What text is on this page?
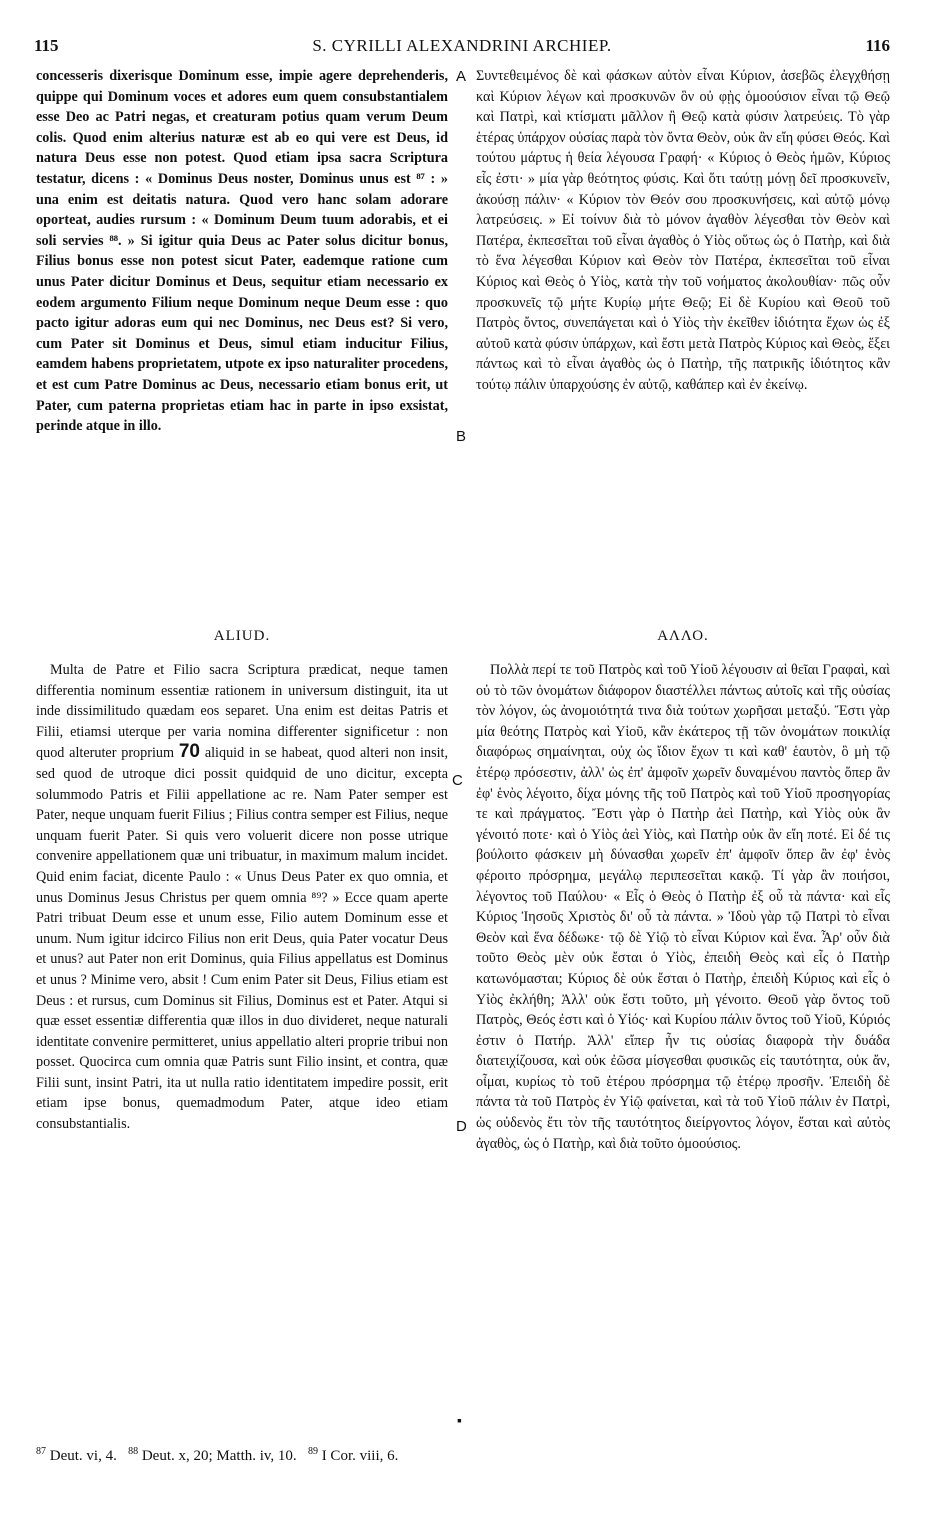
115	S. CYRILLI ALEXANDRINI ARCHIEP.	116

concesseris dixerisque Dominum esse, impie agere deprehenderis, quippe qui Dominum voces et adores eum quem consubstantialem esse Deo ac Patri negas, et creaturam potius quam verum Deum colis. Quod enim alterius naturæ est ab eo qui vere est Deus, id natura Deus esse non potest. Quod etiam ipsa sacra Scriptura testatur, dicens : « Dominus Deus noster, Dominus unus est ⁸⁷ : » una enim est deitatis natura. Quod vero hanc solam adorare oporteat, audies rursum : « Dominum Deum tuum adorabis, et ei soli servies ⁸⁸. » Si igitur quia Deus ac Pater solus dicitur bonus, Filius bonus esse non potest sicut Pater, eademque ratione cum unus Pater dicitur Dominus et Deus, sequitur etiam necessario ex eodem argumento Filium neque Dominum neque Deum esse : quo pacto igitur adoras eum qui nec Dominus, nec Deus est? Si vero, cum Pater sit Dominus et Deus, simul etiam inducitur Filius, eamdem habens proprietatem, utpote ex ipso naturaliter procedens, et est cum Patre Dominus ac Deus, necessario etiam bonus erit, ut Pater, cum paterna proprietas etiam hac in parte in ipso exsistat, perinde atque in illo.

Συντεθειμένος δὲ καὶ φάσκων αὐτὸν εἶναι Κύριον, ἀσεβῶς ἐλεγχθήσῃ καὶ Κύριον λέγων καὶ προσκυνῶν ὃν οὐ φῂς ὁμοούσιον εἶναι τῷ Θεῷ καὶ Πατρὶ, καὶ κτίσματι μᾶλλον ἢ Θεῷ κατὰ φύσιν λατρεύεις. Τὸ γὰρ ἑτέρας ὑπάρχον οὐσίας παρὰ τὸν ὄντα Θεὸν, οὐκ ἂν εἴη φύσει Θεός. Καὶ τούτου μάρτυς ἡ θεία λέγουσα Γραφή· « Κύριος ὁ Θεὸς ἡμῶν, Κύριος εἷς ἐστι· » μία γὰρ θεότητος φύσις. Καὶ ὅτι ταύτῃ μόνῃ δεῖ προσκυνεῖν, ἀκούσῃ πάλιν· « Κύριον τὸν Θεόν σου προσκυνήσεις, καὶ αὐτῷ μόνῳ λατρεύσεις. » Εἰ τοίνυν διὰ τὸ μόνον ἀγαθὸν λέγεσθαι τὸν Θεὸν καὶ Πατέρα, ἐκπεσεῖται τοῦ εἶναι ἀγαθὸς ὁ Υἱὸς οὕτως ὡς ὁ Πατὴρ, καὶ διὰ τὸ ἕνα λέγεσθαι Κύριον καὶ Θεὸν τὸν Πατέρα, ἐκπεσεῖται τοῦ εἶναι Κύριος καὶ Θεὸς ὁ Υἱὸς, κατὰ τὴν τοῦ νοήματος ἀκολουθίαν· πῶς οὖν προσκυνεῖς τῷ μήτε Κυρίῳ μήτε Θεῷ; Εἰ δὲ Κυρίου καὶ Θεοῦ τοῦ Πατρὸς ὄντος, συνεπάγεται καὶ ὁ Υἱὸς τὴν ἐκεῖθεν ἰδιότητα ἔχων ὡς ἐξ αὐτοῦ κατὰ φύσιν ὑπάρχων, καὶ ἔστι μετὰ Πατρὸς Κύριος καὶ Θεὸς, ἕξει πάντως καὶ τὸ εἶναι ἀγαθὸς ὡς ὁ Πατὴρ, τῆς πατρικῆς ἰδιότητος κἂν τούτῳ πάλιν ὑπαρχούσης ἐν αὐτῷ, καθάπερ καὶ ἐν ἐκείνῳ.

A
B
ALIUD.	ΑΛΛΟ.

Multa de Patre et Filio sacra Scriptura prædicat, neque tamen differentia nominum essentiæ rationem in universum distinguit, ita ut inde dissimilitudo quædam eos separet. Una enim est deitas Patris et Filii, etiamsi uterque per varia nomina differenter significetur : non quod alteruter proprium 70 aliquid in se habeat, quod alteri non insit, sed quod de utroque dici possit quidquid de uno dicitur, excepta solummodo Patris et Filii appellatione ac re. Nam Pater semper est Pater, neque unquam fuerit Filius ; Filius contra semper est Filius, neque unquam fuerit Pater. Si quis vero voluerit dicere non posse utrique convenire appellationem quæ uni tribuatur, in maximum malum incidet. Quid enim faciat, dicente Paulo : « Unus Deus Pater ex quo omnia, et unus Dominus Jesus Christus per quem omnia ⁸⁹? » Ecce quam aperte Patri tribuat Deum esse et unum esse, Filio autem Dominum esse et unum. Num igitur idcirco Filius non erit Deus, quia Pater vocatur Deus et unus? aut Pater non erit Dominus, quia Filius appellatus est Dominus et unus ? Minime vero, absit ! Cum enim Pater sit Deus, Filius etiam est Deus : et rursus, cum Dominus sit Filius, Dominus est et Pater. Atqui si quæ esset essentiæ differentia quæ illos in duo divideret, neque naturali identitate convenire permitteret, unius appellatio alteri proprie tribui non posset. Quocirca cum omnia quæ Patris sunt Filio insint, et contra, quæ Filii sunt, insint Patri, ita ut nulla ratio identitatem impedire possit, erit etiam ipse bonus, quemadmodum Pater, atque ideo etiam consubstantialis.

Πολλὰ περί τε τοῦ Πατρὸς καὶ τοῦ Υἱοῦ λέγουσιν αἱ θεῖαι Γραφαὶ, καὶ οὐ τὸ τῶν ὀνομάτων διάφορον διαστέλλει πάντως αὐτοῖς καὶ τῆς οὐσίας τὸν λόγον, ὡς ἀνομοιότητά τινα διὰ τούτων χωρῆσαι μεταξύ. Ἔστι γὰρ μία θεότης Πατρὸς καὶ Υἱοῦ, κἂν ἑκάτερος τῇ τῶν ὀνομάτων ποικιλίᾳ διαφόρως σημαίνηται, οὐχ ὡς ἴδιον ἔχων τι καὶ καθ' ἑαυτὸν, ὃ μὴ τῷ ἑτέρῳ πρόσεστιν, ἀλλ' ὡς ἐπ' ἀμφοῖν χωρεῖν δυναμένου παντὸς ὅπερ ἂν ἐφ' ἑνὸς λέγοιτο, δίχα μόνης τῆς τοῦ Πατρὸς καὶ τοῦ Υἱοῦ προσηγορίας τε καὶ πράγματος. Ἔστι γὰρ ὁ Πατὴρ ἀεὶ Πατὴρ, καὶ Υἱὸς οὐκ ἂν γένοιτό ποτε· καὶ ὁ Υἱὸς ἀεὶ Υἱὸς, καὶ Πατὴρ οὐκ ἂν εἴη ποτέ. Εἰ δέ τις βούλοιτο φάσκειν μὴ δύνασθαι χωρεῖν ἐπ' ἀμφοῖν ὅπερ ἂν ἐφ' ἑνὸς φέροιτο πρόσρημα, μεγάλῳ περιπεσεῖται κακῷ. Τί γὰρ ἂν ποιήσοι, λέγοντος τοῦ Παύλου· « Εἷς ὁ Θεὸς ὁ Πατὴρ ἐξ οὗ τὰ πάντα· καὶ εἷς Κύριος Ἰησοῦς Χριστὸς δι' οὗ τὰ πάντα. » Ἰδοὺ γὰρ τῷ Πατρὶ τὸ εἶναι Θεὸν καὶ ἕνα δέδωκε· τῷ δὲ Υἱῷ τὸ εἶναι Κύριον καὶ ἕνα. Ἆρ' οὖν διὰ τοῦτο Θεὸς μὲν οὐκ ἔσται ὁ Υἱὸς, ἐπειδὴ Θεὸς καὶ εἷς ὁ Πατὴρ κατωνόμασται; Κύριος δὲ οὐκ ἔσται ὁ Πατὴρ, ἐπειδὴ Κύριος καὶ εἷς ὁ Υἱὸς ἐκλήθη; Ἀλλ' οὐκ ἔστι τοῦτο, μὴ γένοιτο. Θεοῦ γὰρ ὄντος τοῦ Πατρὸς, Θεός ἐστι καὶ ὁ Υἱός· καὶ Κυρίου πάλιν ὄντος τοῦ Υἱοῦ, Κύριός ἐστιν ὁ Πατήρ. Ἀλλ' εἴπερ ἦν τις οὐσίας διαφορὰ τὴν δυάδα διατειχίζουσα, καὶ οὐκ ἐῶσα μίσγεσθαι φυσικῶς εἰς ταυτότητα, οὐκ ἄν, οἶμαι, κυρίως τὸ τοῦ ἑτέρου πρόσρημα τῷ ἑτέρῳ προσῆν. Ἐπειδὴ δὲ πάντα τὰ τοῦ Πατρὸς ἐν Υἱῷ φαίνεται, καὶ τὰ τοῦ Υἱοῦ πάλιν ἐν Πατρὶ, ὡς οὐδενὸς ἔτι τὸν τῆς ταυτότητος διείργοντος λόγον, ἔσται καὶ αὐτὸς ἀγαθὸς, ὡς ὁ Πατὴρ, καὶ διὰ τοῦτο ὁμοούσιος.

C
D
▪
$^{87}$ Deut. vi, 4. $^{88}$ Deut. x, 20; Matth. iv, 10. $^{89}$ I Cor. viii, 6.
